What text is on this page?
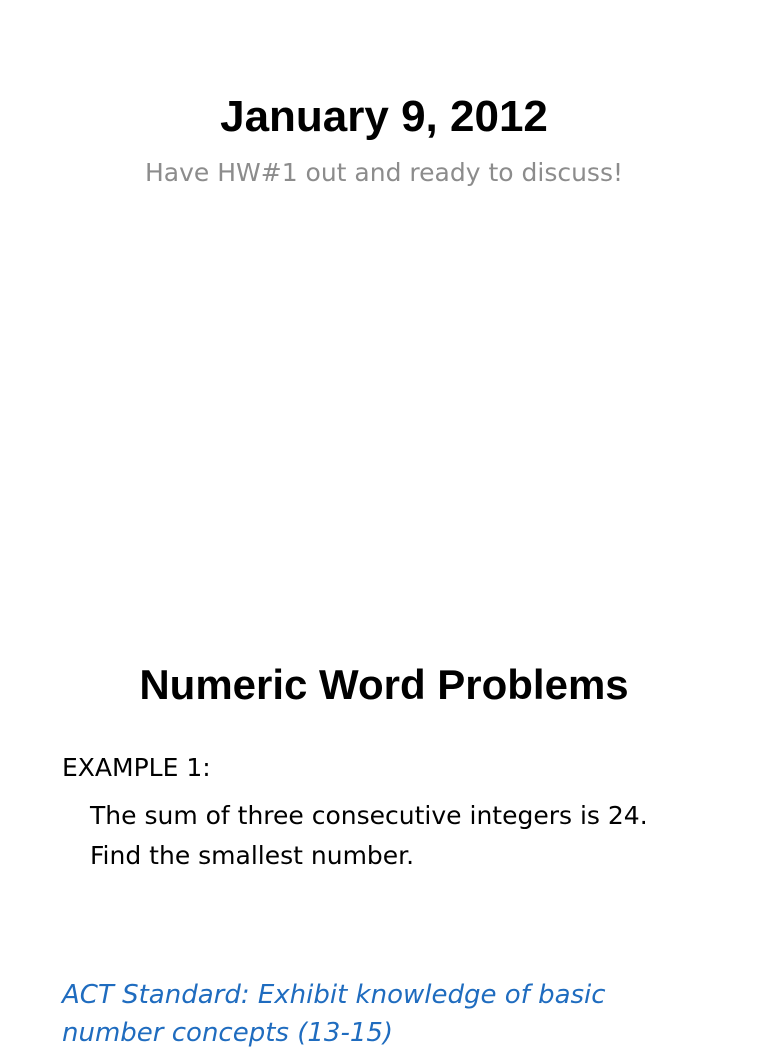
January 9, 2012
Have HW#1 out and ready to discuss!
Numeric Word Problems
EXAMPLE 1:
The sum of three consecutive integers is 24.
Find the smallest number.
ACT Standard: Exhibit knowledge of basic number concepts (13-15)
